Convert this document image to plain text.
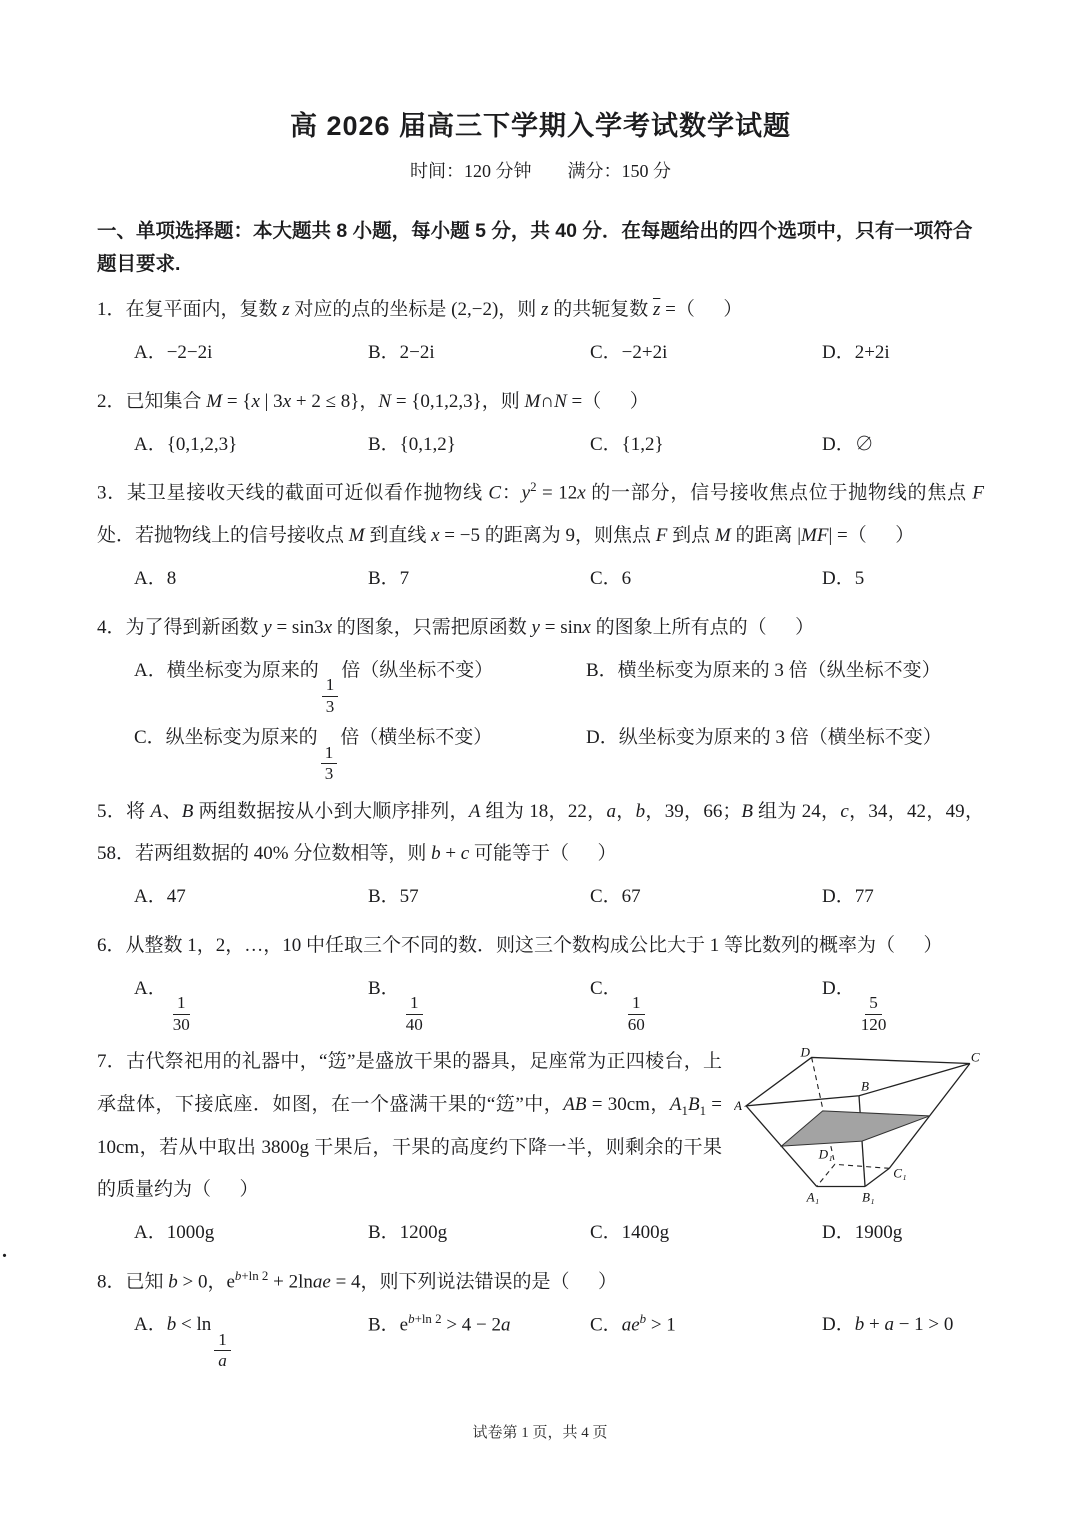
高 2026 届高三下学期入学考试数学试题

时间：120 分钟　　满分：150 分

一、单项选择题：本大题共 8 小题，每小题 5 分，共 40 分．在每题给出的四个选项中，只有一项符合题目要求.

1．在复平面内，复数 z 对应的点的坐标是 (2,−2)，则 z 的共轭复数 $\overline{z}$ =（  ）

A．−2−2i	B．2−2i	C．−2+2i	D．2+2i

2．已知集合 M = {x | 3x + 2 ≤ 8}，N = {0,1,2,3}，则 M∩N =（  ）

A．{0,1,2,3}	B．{0,1,2}	C．{1,2}	D．∅

3．某卫星接收天线的截面可近似看作抛物线 C：$y^2 = 12x$ 的一部分，信号接收焦点位于抛物线的焦点 F 处．若抛物线上的信号接收点 M 到直线 x = −5 的距离为 9，则焦点 F 到点 M 的距离 |MF| =（  ）

A．8	B．7	C．6	D．5

4．为了得到新函数 y = sin3x 的图象，只需把原函数 y = sinx 的图象上所有点的（  ）

A．横坐标变为原来的
$\frac{1}{3}$
倍（纵坐标不变）	B．横坐标变为原来的 3 倍（纵坐标不变）
C．纵坐标变为原来的
$\frac{1}{3}$
倍（横坐标不变）	D．纵坐标变为原来的 3 倍（横坐标不变）

5．将 A、B 两组数据按从小到大顺序排列，A 组为 18，22，a，b，39，66；B 组为 24，c，34，42，49，58．若两组数据的 40% 分位数相等，则 b + c 可能等于（  ）

A．47	B．57	C．67	D．77

6．从整数 1，2，…，10 中任取三个不同的数．则这三个数构成公比大于 1 等比数列的概率为（  ）

A．
$\frac{1}{30}$
B．
$\frac{1}{40}$
C．
$\frac{1}{60}$
D．
$\frac{5}{120}$

A
B
C
D
A₁	B₁
C₁
D₁
7．古代祭祀用的礼器中，“笾”是盛放干果的器具，足座常为正四棱台，上承盘体，下接底座．如图，在一个盛满干果的“笾”中，AB = 30cm，$A_1B_1 = 10cm$，若从中取出 3800g 干果后，干果的高度约下降一半，则剩余的干果的质量约为（  ）

A．1000g	B．1200g	C．1400g	D．1900g

8．已知 b > 0，$e^{b+ln 2}$ + 2lnae = 4，则下列说法错误的是（  ）

A．b < ln
$\frac{1}{a}$
B．$e^{b+ln 2} > 4 - 2a$	C．$ae^b > 1$	D．b + a − 1 > 0
.

试卷第 1 页，共 4 页
